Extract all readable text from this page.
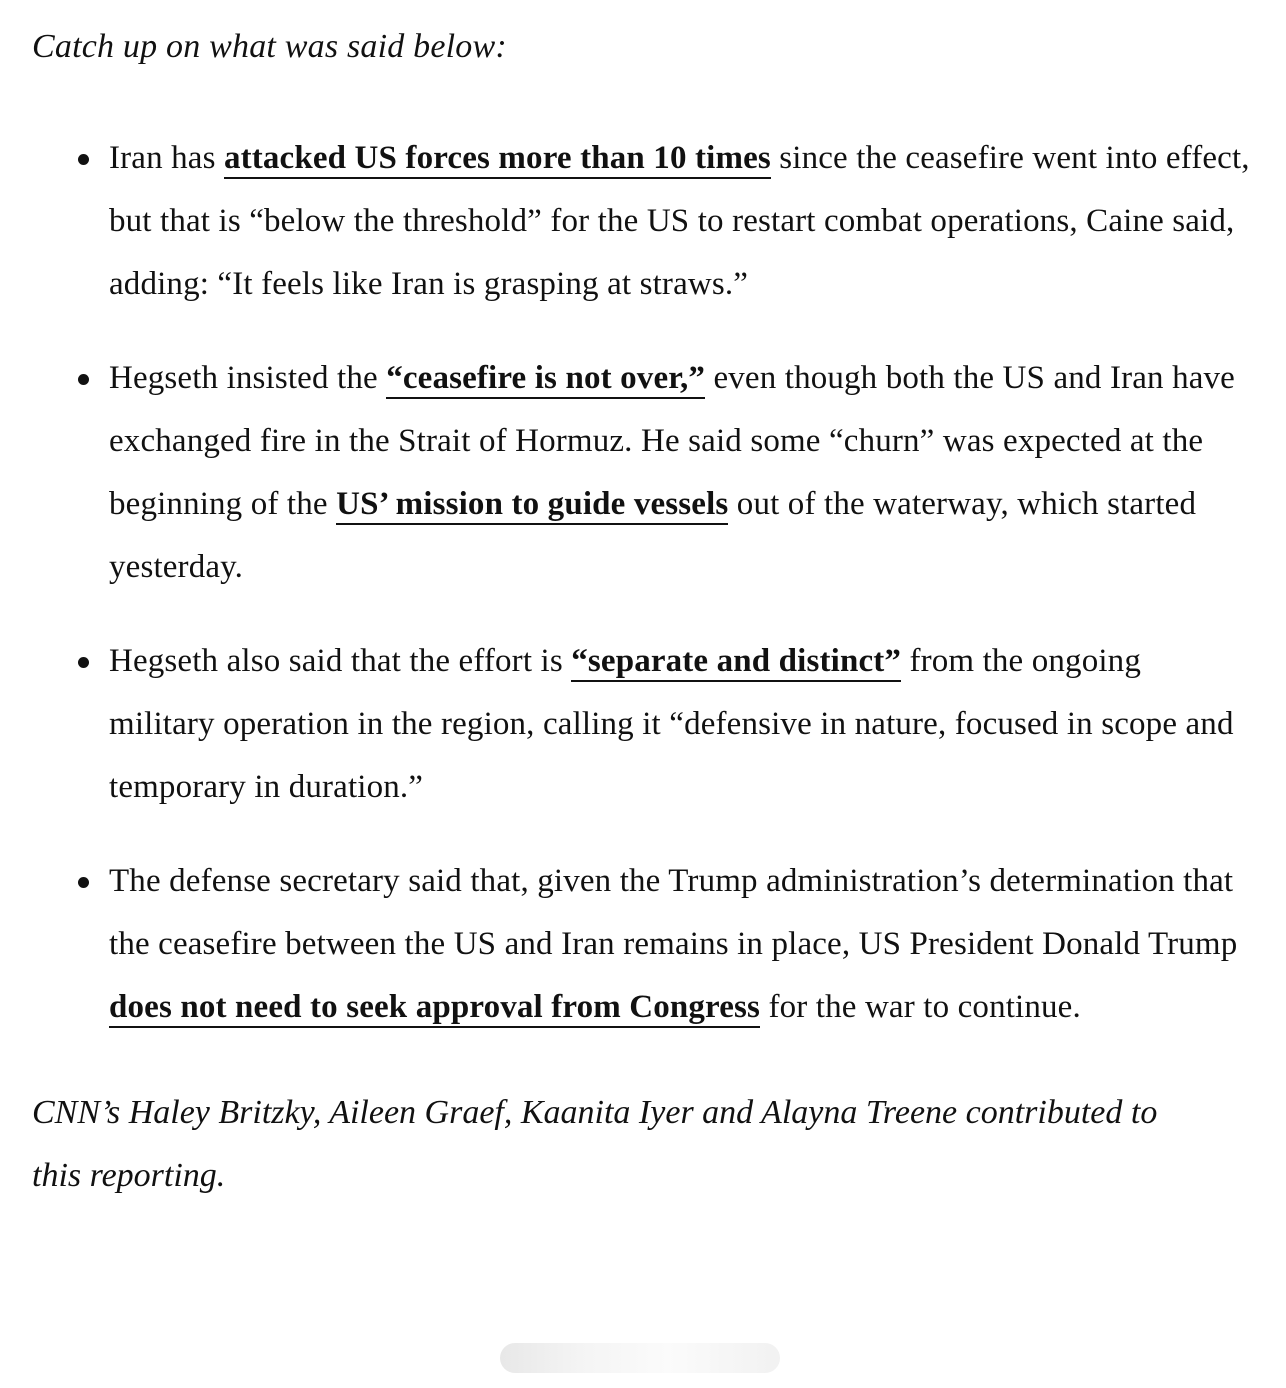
Catch up on what was said below:

Iran has attacked US forces more than 10 times since the ceasefire went into effect, but that is “below the threshold” for the US to restart combat operations, Caine said, adding: “It feels like Iran is grasping at straws.”
Hegseth insisted the “ceasefire is not over,” even though both the US and Iran have exchanged fire in the Strait of Hormuz. He said some “churn” was expected at the beginning of the US’ mission to guide vessels out of the waterway, which started yesterday.
Hegseth also said that the effort is “separate and distinct” from the ongoing military operation in the region, calling it “defensive in nature, focused in scope and temporary in duration.”
The defense secretary said that, given the Trump administration’s determination that the ceasefire between the US and Iran remains in place, US President Donald Trump does not need to seek approval from Congress for the war to continue.

CNN’s Haley Britzky, Aileen Graef, Kaanita Iyer and Alayna Treene contributed to this reporting.
